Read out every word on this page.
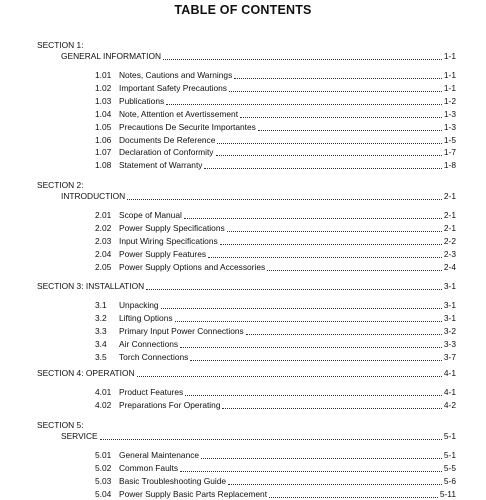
TABLE OF CONTENTS
SECTION 1:
GENERAL INFORMATION	1-1
1.01 Notes, Cautions and Warnings	1-1
1.02 Important Safety Precautions	1-1
1.03 Publications	1-2
1.04 Note, Attention et Avertissement	1-3
1.05 Precautions De Securite Importantes	1-3
1.06 Documents De Reference	1-5
1.07 Declaration of Conformity	1-7
1.08 Statement of Warranty	1-8
SECTION 2:
INTRODUCTION	2-1
2.01 Scope of Manual	2-1
2.02 Power Supply Specifications	2-1
2.03 Input Wiring Specifications	2-2
2.04 Power Supply Features	2-3
2.05 Power Supply Options and Accessories	2-4
SECTION 3: INSTALLATION	3-1
3.1	Unpacking	3-1
3.2	Lifting Options	3-1
3.3	Primary Input Power Connections	3-2
3.4	Air Connections	3-3
3.5	Torch Connections	3-7
SECTION 4: OPERATION	4-1
4.01 Product Features	4-1
4.02 Preparations For Operating	4-2
SECTION 5:
SERVICE	5-1
5.01 General Maintenance	5-1
5.02 Common Faults	5-5
5.03 Basic Troubleshooting Guide	5-6
5.04 Power Supply Basic Parts Replacement	5-11
